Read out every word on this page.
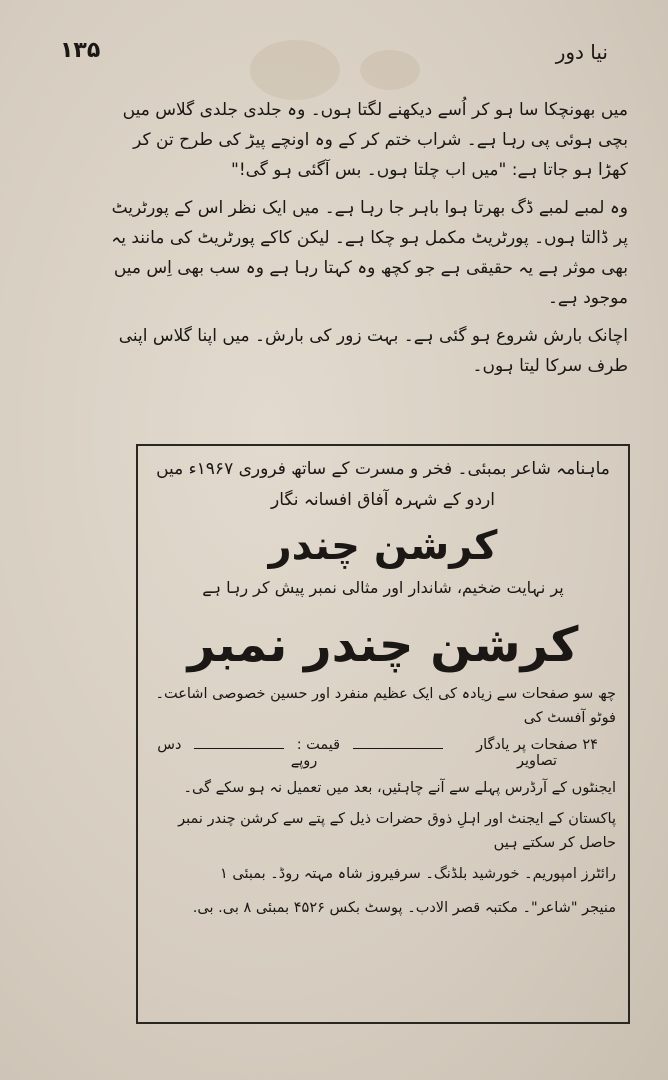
۱۳۵	نیا دور

میں بھونچکا سا ہو کر اُسے دیکھنے لگتا ہوں۔ وہ جلدی جلدی گلاس میں بچی ہوئی پی رہا ہے۔ شراب ختم کر کے وہ اونچے پیڑ کی طرح تن کر کھڑا ہو جاتا ہے: "میں اب چلتا ہوں۔ بس آگئی ہو گی!"

وہ لمبے لمبے ڈگ بھرتا ہوا باہر جا رہا ہے۔ میں ایک نظر اس کے پورٹریٹ پر ڈالتا ہوں۔ پورٹریٹ مکمل ہو چکا ہے۔ لیکن کاکے پورٹریٹ کی مانند یہ بھی موثر ہے یہ حقیقی ہے جو کچھ وہ کہتا رہا ہے وہ سب بھی اِس میں موجود ہے۔

اچانک بارش شروع ہو گئی ہے۔ بہت زور کی بارش۔ میں اپنا گلاس اپنی طرف سرکا لیتا ہوں۔

ماہنامہ شاعر بمبئی۔ فخر و مسرت کے ساتھ فروری ۱۹۶۷ء میں

اردو کے شہرہ آفاق افسانہ نگار

کرشن چندر

پر نہایت ضخیم، شاندار اور مثالی نمبر پیش کر رہا ہے

کرشن چندر نمبر

چھ سو صفحات سے زیادہ کی ایک عظیم منفرد اور حسین خصوصی اشاعت۔ فوٹو آفسٹ کی

۲۴ صفحات پر یادگار تصاویر
قیمت :  دس روپے

ایجنٹوں کے آرڈرس پہلے سے آنے چاہئیں، بعد میں تعمیل نہ ہو سکے گی۔

پاکستان کے ایجنٹ اور اہلِ ذوق حضرات ذیل کے پتے سے کرشن چندر نمبر حاصل کر سکتے ہیں

رائٹرز امپوریم۔ خورشید بلڈنگ۔ سرفیروز شاہ مہتہ روڈ۔ بمبئی ۱

منیجر "شاعر"۔ مکتبہ قصر الادب۔ پوسٹ بکس ۴۵۲۶ بمبئی ۸ بی. بی.
